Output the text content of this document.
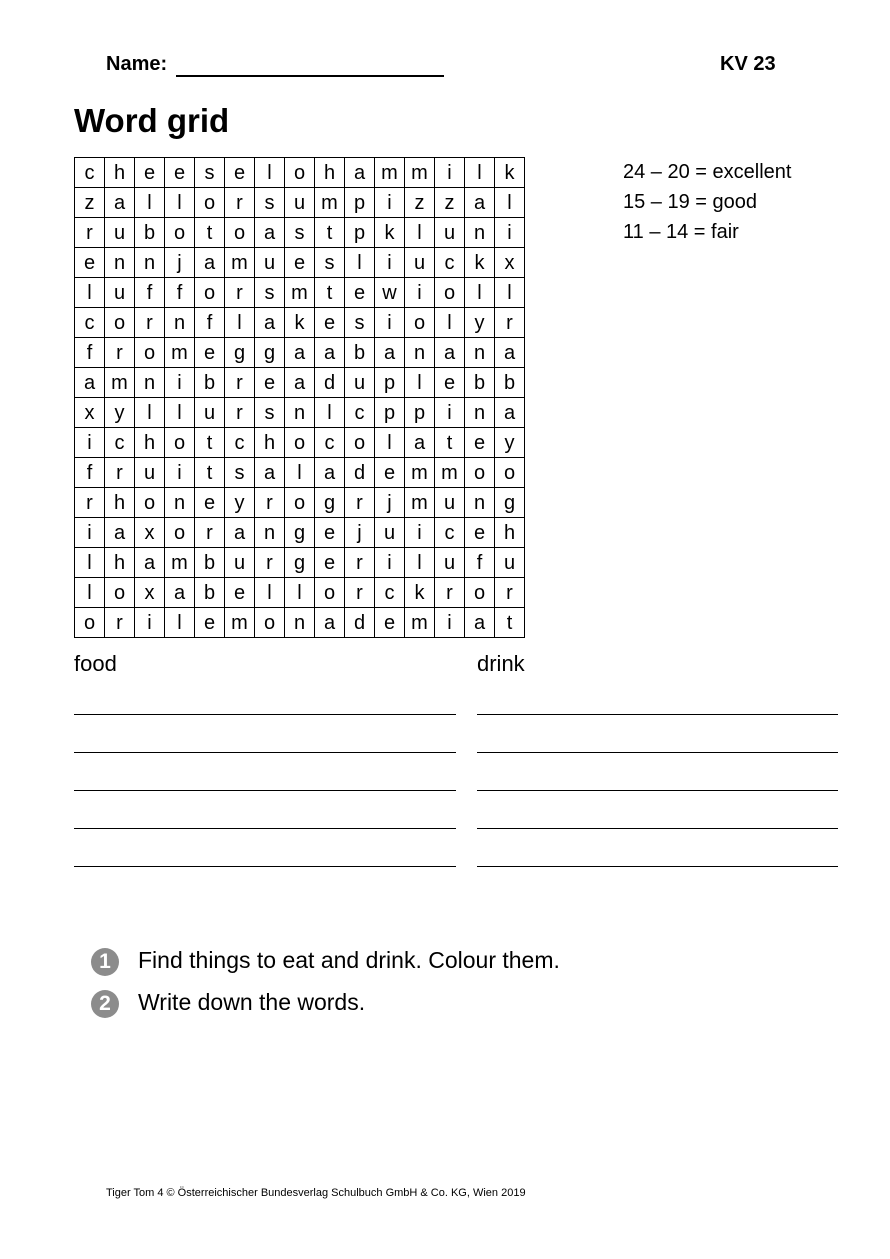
Name:	KV 23
Word grid
c	h	e	e	s	e	l	o	h	a	m	m	i	l	k
z	a	l	l	o	r	s	u	m	p	i	z	z	a	l
r	u	b	o	t	o	a	s	t	p	k	l	u	n	i
e	n	n	j	a	m	u	e	s	l	i	u	c	k	x
l	u	f	f	o	r	s	m	t	e	w	i	o	l	l
c	o	r	n	f	l	a	k	e	s	i	o	l	y	r
f	r	o	m	e	g	g	a	a	b	a	n	a	n	a
a	m	n	i	b	r	e	a	d	u	p	l	e	b	b
x	y	l	l	u	r	s	n	l	c	p	p	i	n	a
i	c	h	o	t	c	h	o	c	o	l	a	t	e	y
f	r	u	i	t	s	a	l	a	d	e	m	m	o	o
r	h	o	n	e	y	r	o	g	r	j	m	u	n	g
i	a	x	o	r	a	n	g	e	j	u	i	c	e	h
l	h	a	m	b	u	r	g	e	r	i	l	u	f	u
l	o	x	a	b	e	l	l	o	r	c	k	r	o	r
o	r	i	l	e	m	o	n	a	d	e	m	i	a	t
24 – 20 = excellent
15 – 19 = good
11 – 14 = fair
food	drink
1	Find things to eat and drink. Colour them.
2	Write down the words.
Tiger Tom 4 © Österreichischer Bundesverlag Schulbuch GmbH & Co. KG, Wien 2019
